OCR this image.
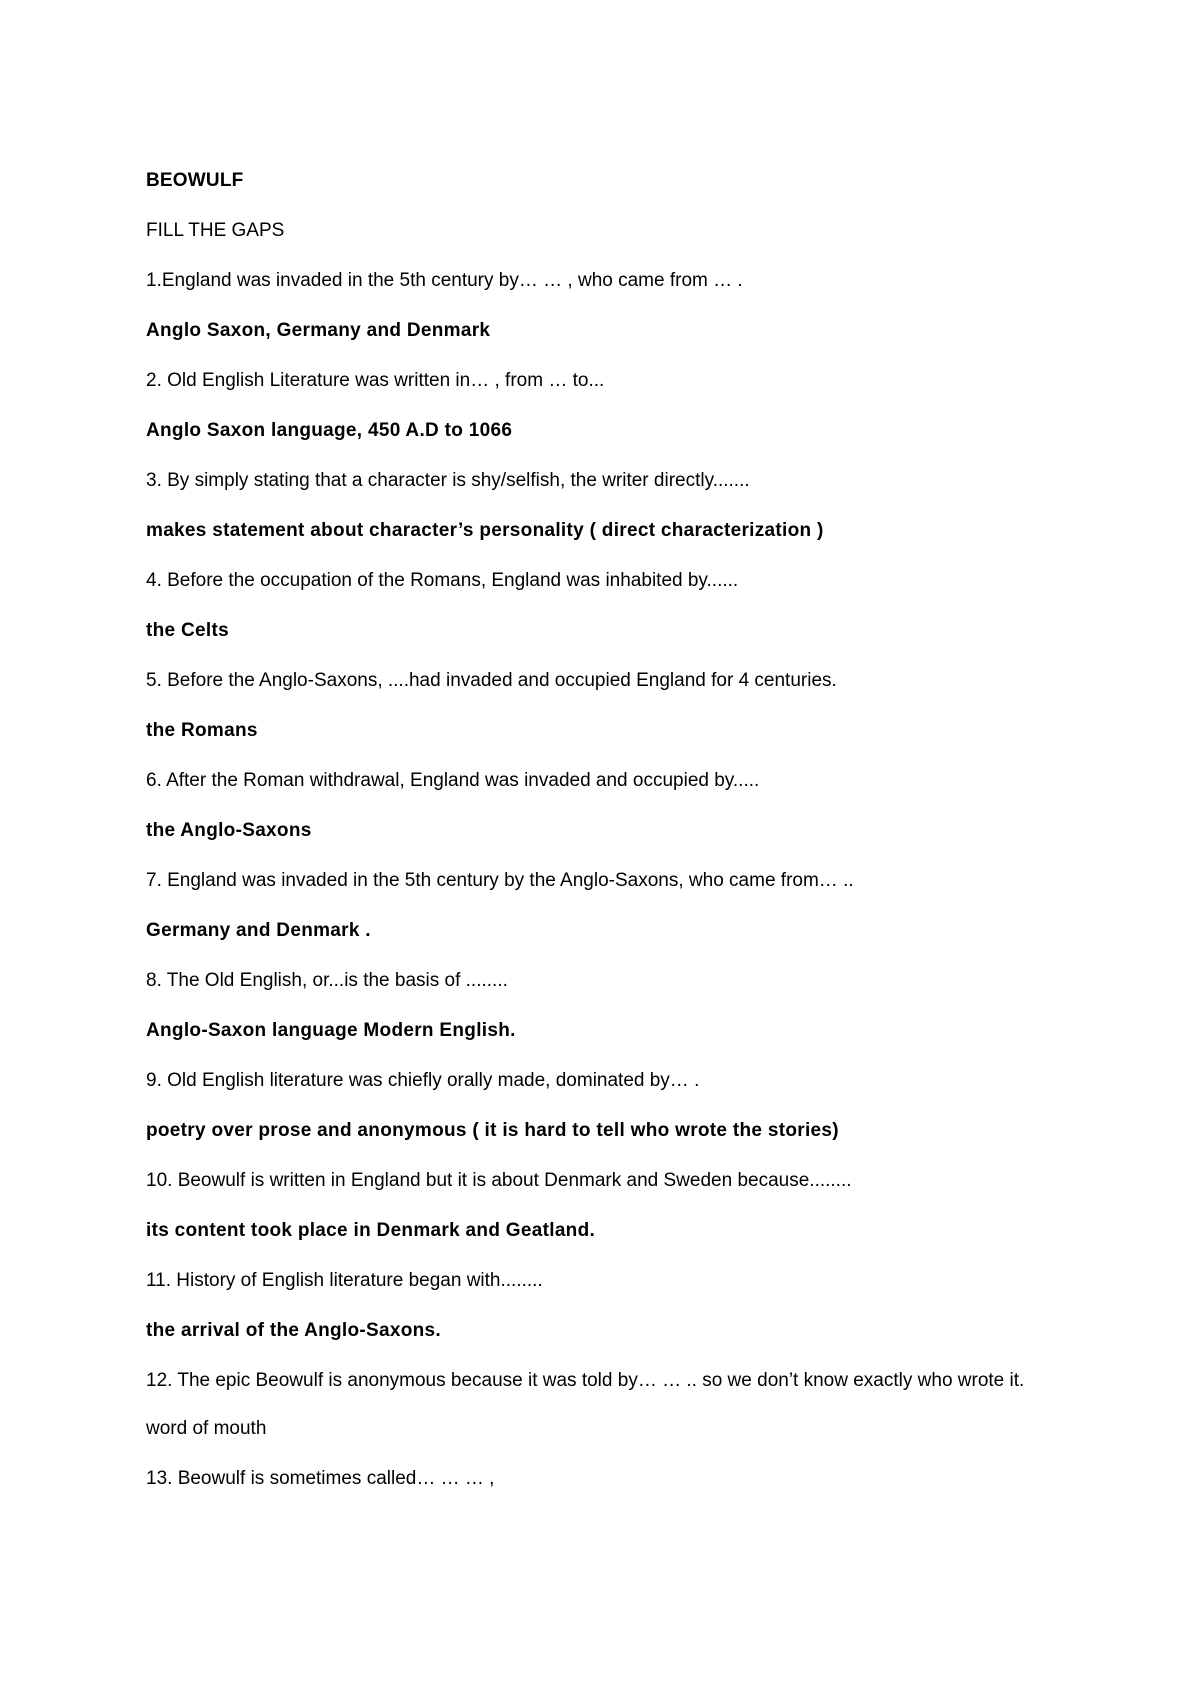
BEOWULF

FILL THE GAPS

1.England was invaded in the 5th century by… … , who came from … .

Anglo Saxon, Germany and Denmark

2. Old English Literature was written in… , from … to...

Anglo Saxon language, 450 A.D to 1066

3. By simply stating that a character is shy/selfish, the writer directly.......

makes statement about character’s personality ( direct characterization )

4. Before the occupation of the Romans, England was inhabited by......

the Celts

5. Before the Anglo-Saxons, ....had invaded and occupied England for 4 centuries.

the Romans

6. After the Roman withdrawal, England was invaded and occupied by.....

the Anglo-Saxons

7. England was invaded in the 5th century by the Anglo-Saxons, who came from… ..

Germany and Denmark .

8. The Old English, or...is the basis of ........

Anglo-Saxon language Modern English.

9. Old English literature was chiefly orally made, dominated by… .

poetry over prose and anonymous ( it is hard to tell who wrote the stories)

10. Beowulf is written in England but it is about Denmark and Sweden because........

its content took place in Denmark and Geatland.

11. History of English literature began with........

the arrival of the Anglo-Saxons.

12. The epic Beowulf is anonymous because it was told by… … .. so we don’t know exactly who wrote it.

word of mouth

13. Beowulf is sometimes called… … … ,
